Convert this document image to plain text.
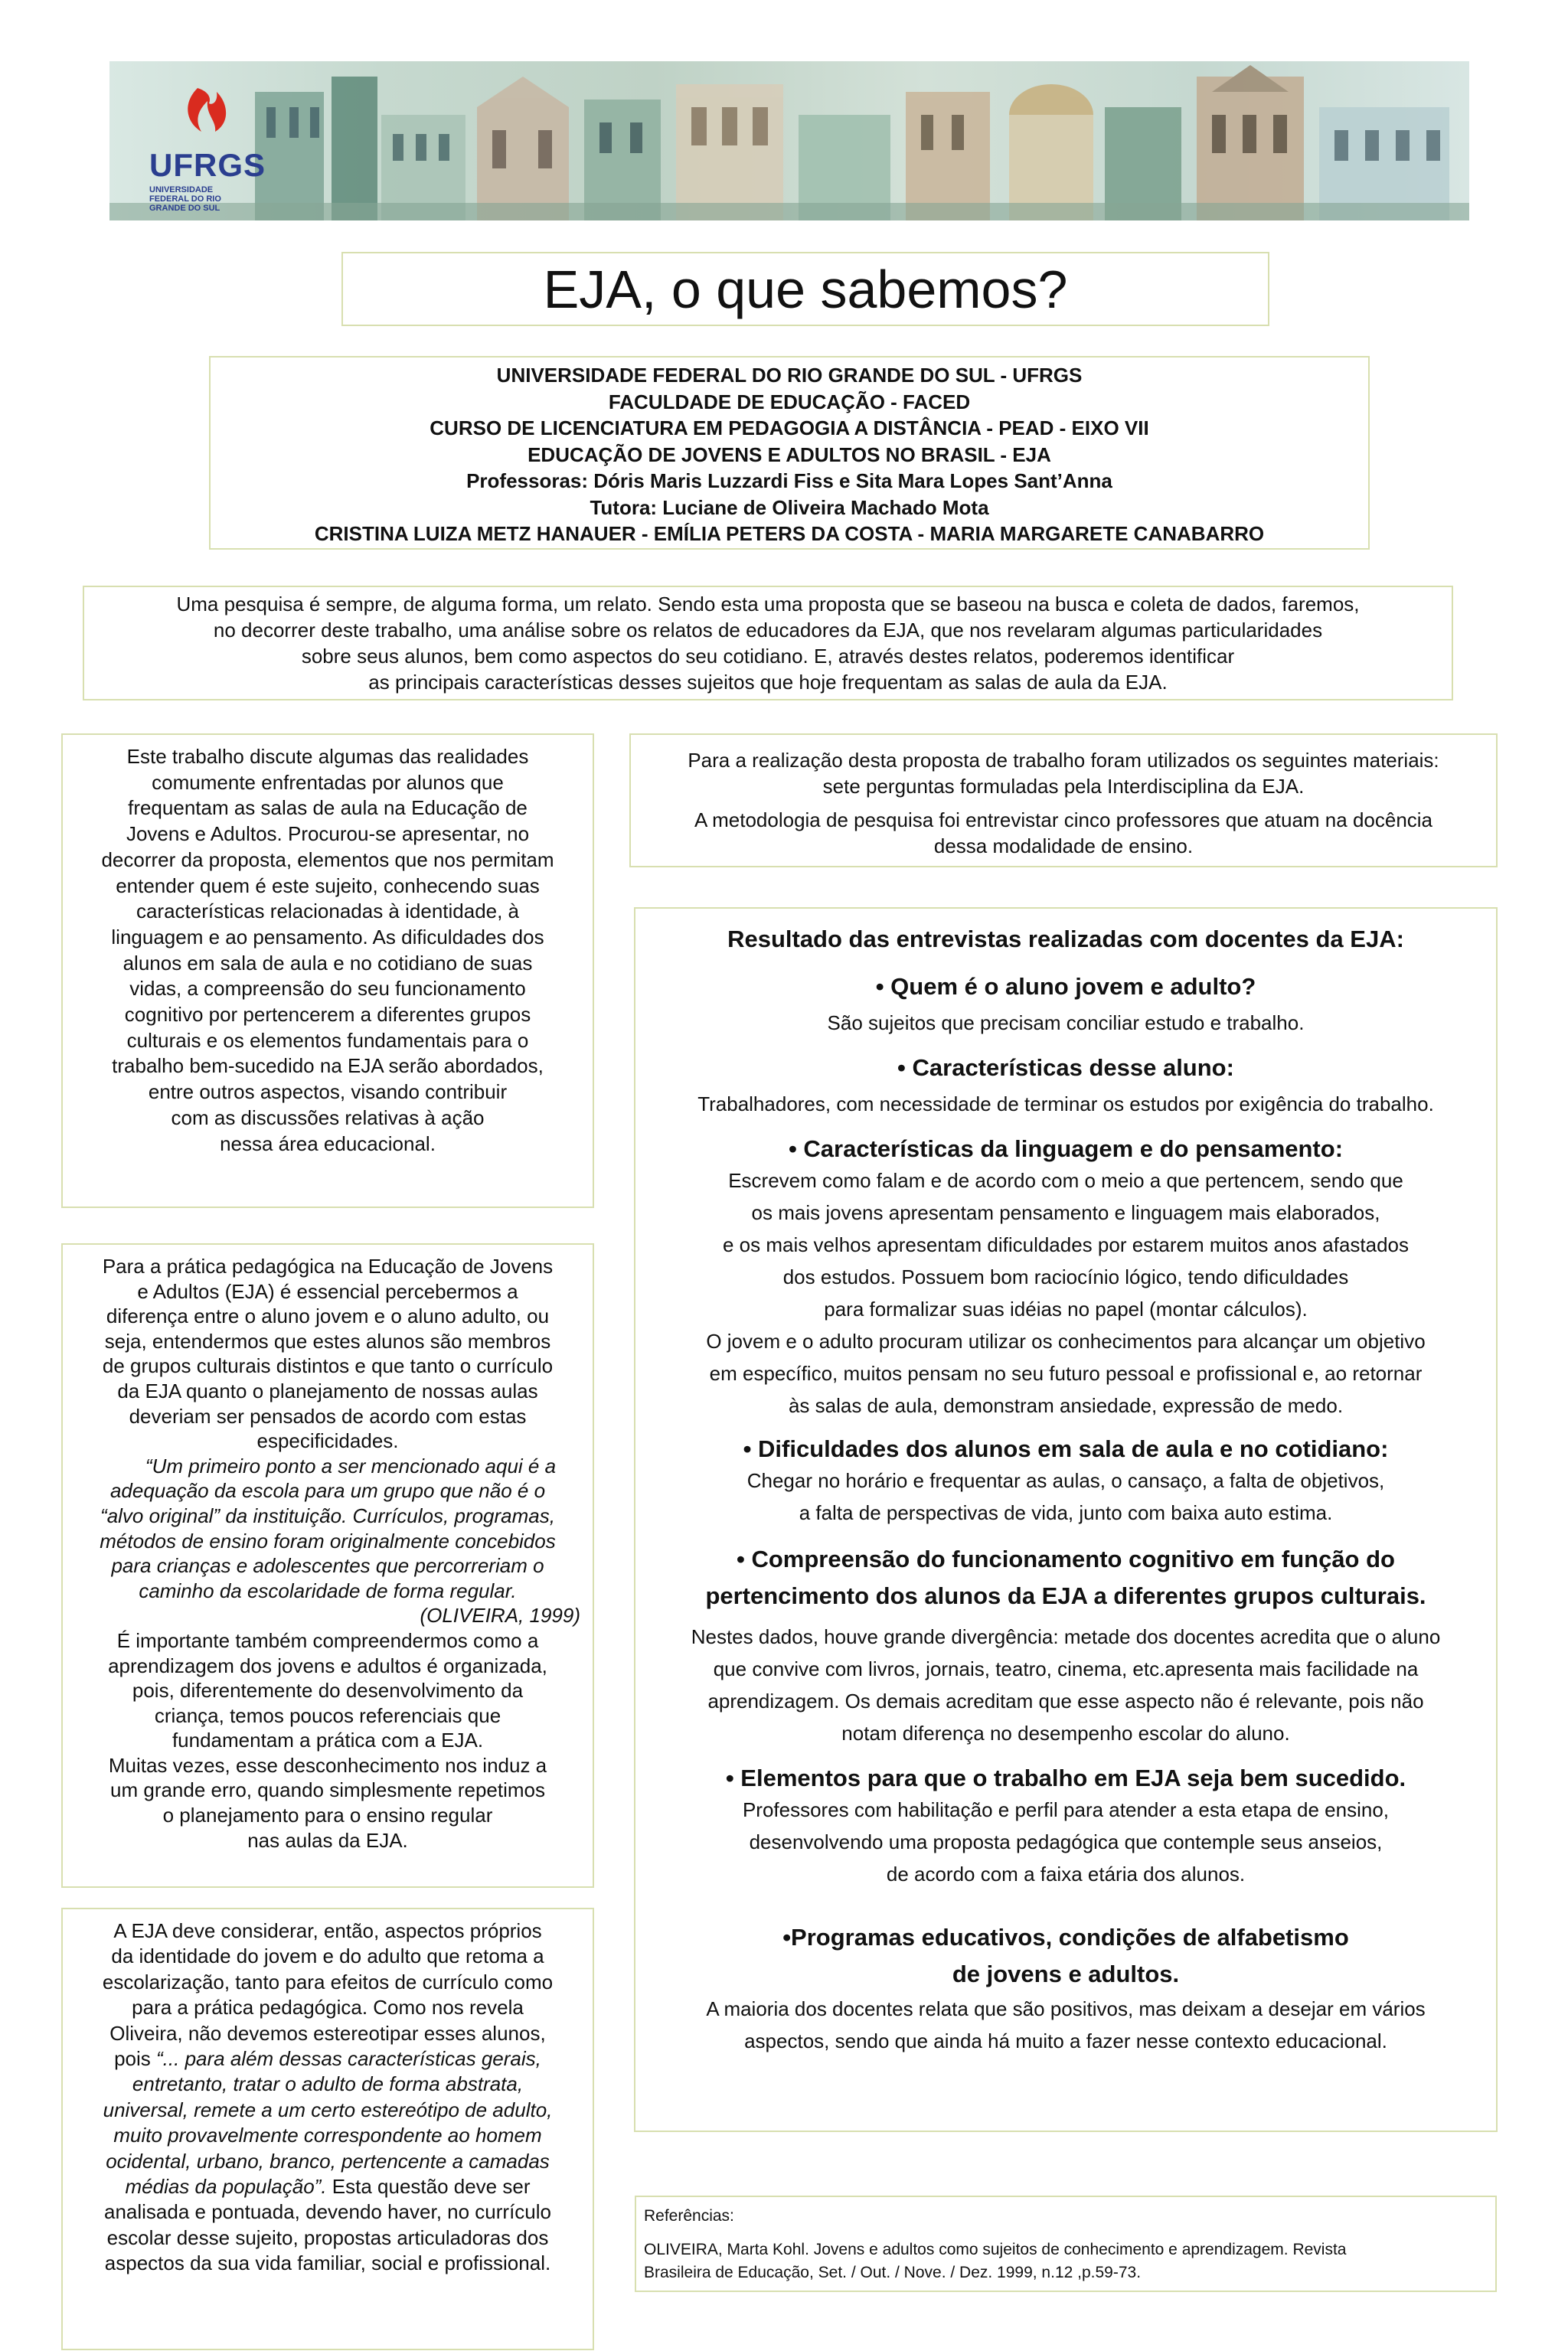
UFRGS
UNIVERSIDADE FEDERAL DO RIO GRANDE DO SUL
EJA, o que sabemos?

UNIVERSIDADE FEDERAL DO RIO GRANDE DO SUL - UFRGS

FACULDADE DE EDUCAÇÃO - FACED

CURSO DE LICENCIATURA EM PEDAGOGIA A DISTÂNCIA - PEAD - EIXO VII

EDUCAÇÃO DE JOVENS E ADULTOS NO BRASIL - EJA

Professoras: Dóris Maris Luzzardi Fiss e Sita Mara Lopes Sant’Anna

Tutora: Luciane de Oliveira Machado Mota

CRISTINA LUIZA METZ HANAUER - EMÍLIA PETERS DA COSTA - MARIA MARGARETE CANABARRO

Uma pesquisa é sempre, de alguma forma, um relato. Sendo esta uma proposta que se baseou na busca e coleta de dados, faremos,

no decorrer deste trabalho, uma análise sobre os relatos de educadores da EJA, que nos revelaram algumas particularidades

sobre seus alunos, bem como aspectos do seu cotidiano. E, através destes relatos, poderemos identificar

as principais características desses sujeitos que hoje frequentam as salas de aula da EJA.

Este trabalho discute algumas das realidades

comumente enfrentadas por alunos que

frequentam as salas de aula na Educação de

Jovens e Adultos. Procurou-se apresentar, no

decorrer da proposta, elementos que nos permitam

entender quem é este sujeito, conhecendo suas

características relacionadas à identidade, à

linguagem e ao pensamento. As dificuldades dos

alunos em sala de aula e no cotidiano de suas

vidas, a compreensão do seu funcionamento

cognitivo por pertencerem a diferentes grupos

culturais e os elementos fundamentais para o

trabalho bem-sucedido na EJA serão abordados,

entre outros aspectos, visando contribuir

com as discussões relativas à ação

nessa área educacional.

Para a prática pedagógica na Educação de Jovens

e Adultos (EJA) é essencial percebermos a

diferença entre o aluno jovem e o aluno adulto, ou

seja, entendermos que estes alunos são membros

de grupos culturais distintos e que tanto o currículo

da EJA quanto o planejamento de nossas aulas

deveriam ser pensados de acordo com estas

especificidades.

“Um primeiro ponto a ser mencionado aqui é a

adequação da escola para um grupo que não é o

“alvo original” da instituição. Currículos, programas,

métodos de ensino foram originalmente concebidos

para crianças e adolescentes que percorreriam o

caminho da escolaridade de forma regular.

(OLIVEIRA, 1999)

É importante também compreendermos como a

aprendizagem dos jovens e adultos é organizada,

pois, diferentemente do desenvolvimento da

criança, temos poucos referenciais que

fundamentam a prática com a EJA.

Muitas vezes, esse desconhecimento nos induz a

um grande erro, quando simplesmente repetimos

o planejamento para o ensino regular

nas aulas da EJA.

A EJA deve considerar, então, aspectos próprios

da identidade do jovem e do adulto que retoma a

escolarização, tanto para efeitos de currículo como

para a prática pedagógica. Como nos revela

Oliveira, não devemos estereotipar esses alunos,

pois “... para além dessas características gerais,

entretanto, tratar o adulto de forma abstrata,

universal, remete a um certo estereótipo de adulto,

muito provavelmente correspondente ao homem

ocidental, urbano, branco, pertencente a camadas

médias da população”. Esta questão deve ser

analisada e pontuada, devendo haver, no currículo

escolar desse sujeito, propostas articuladoras dos

aspectos da sua vida familiar, social e profissional.

Para a realização desta proposta de trabalho foram utilizados os seguintes materiais:

sete perguntas formuladas pela Interdisciplina da EJA.

A metodologia de pesquisa foi entrevistar cinco professores que atuam na docência

dessa modalidade de ensino.

Resultado das entrevistas realizadas com docentes da EJA:

• Quem é o aluno jovem e adulto?

São sujeitos que precisam conciliar estudo e trabalho.

• Características desse aluno:

Trabalhadores, com necessidade de terminar os estudos por exigência do trabalho.

• Características da linguagem e do pensamento:

Escrevem como falam e de acordo com o meio a que pertencem, sendo que

os mais jovens apresentam pensamento e linguagem mais elaborados,

e os mais velhos apresentam dificuldades por estarem muitos anos afastados

dos estudos. Possuem bom raciocínio lógico, tendo dificuldades

para formalizar suas idéias no papel (montar cálculos).

O jovem e o adulto procuram utilizar os conhecimentos para alcançar um objetivo

em específico, muitos pensam no seu futuro pessoal e profissional e, ao retornar

às salas de aula, demonstram ansiedade, expressão de medo.

• Dificuldades dos alunos em sala de aula e no cotidiano:

Chegar no horário e frequentar as aulas, o cansaço, a falta de objetivos,

a falta de perspectivas de vida, junto com baixa auto estima.

• Compreensão do funcionamento cognitivo em função do

pertencimento dos alunos da EJA a diferentes grupos culturais.

Nestes dados, houve grande divergência: metade dos docentes acredita que o aluno

que convive com livros, jornais, teatro, cinema, etc.apresenta mais facilidade na

aprendizagem. Os demais acreditam que esse aspecto não é relevante, pois não

notam diferença no desempenho escolar do aluno.

• Elementos para que o trabalho em EJA seja bem sucedido.

Professores com habilitação e perfil para atender a esta etapa de ensino,

desenvolvendo uma proposta pedagógica que contemple seus anseios,

de acordo com a faixa etária dos alunos.

•Programas educativos, condições de alfabetismo

de jovens e adultos.

A maioria dos docentes relata que são positivos, mas deixam a desejar em vários

aspectos, sendo que ainda há muito a fazer nesse contexto educacional.

Referências:

OLIVEIRA, Marta Kohl. Jovens e adultos como sujeitos de conhecimento e aprendizagem. Revista

Brasileira de Educação, Set. / Out. / Nove. / Dez. 1999, n.12 ,p.59-73.
